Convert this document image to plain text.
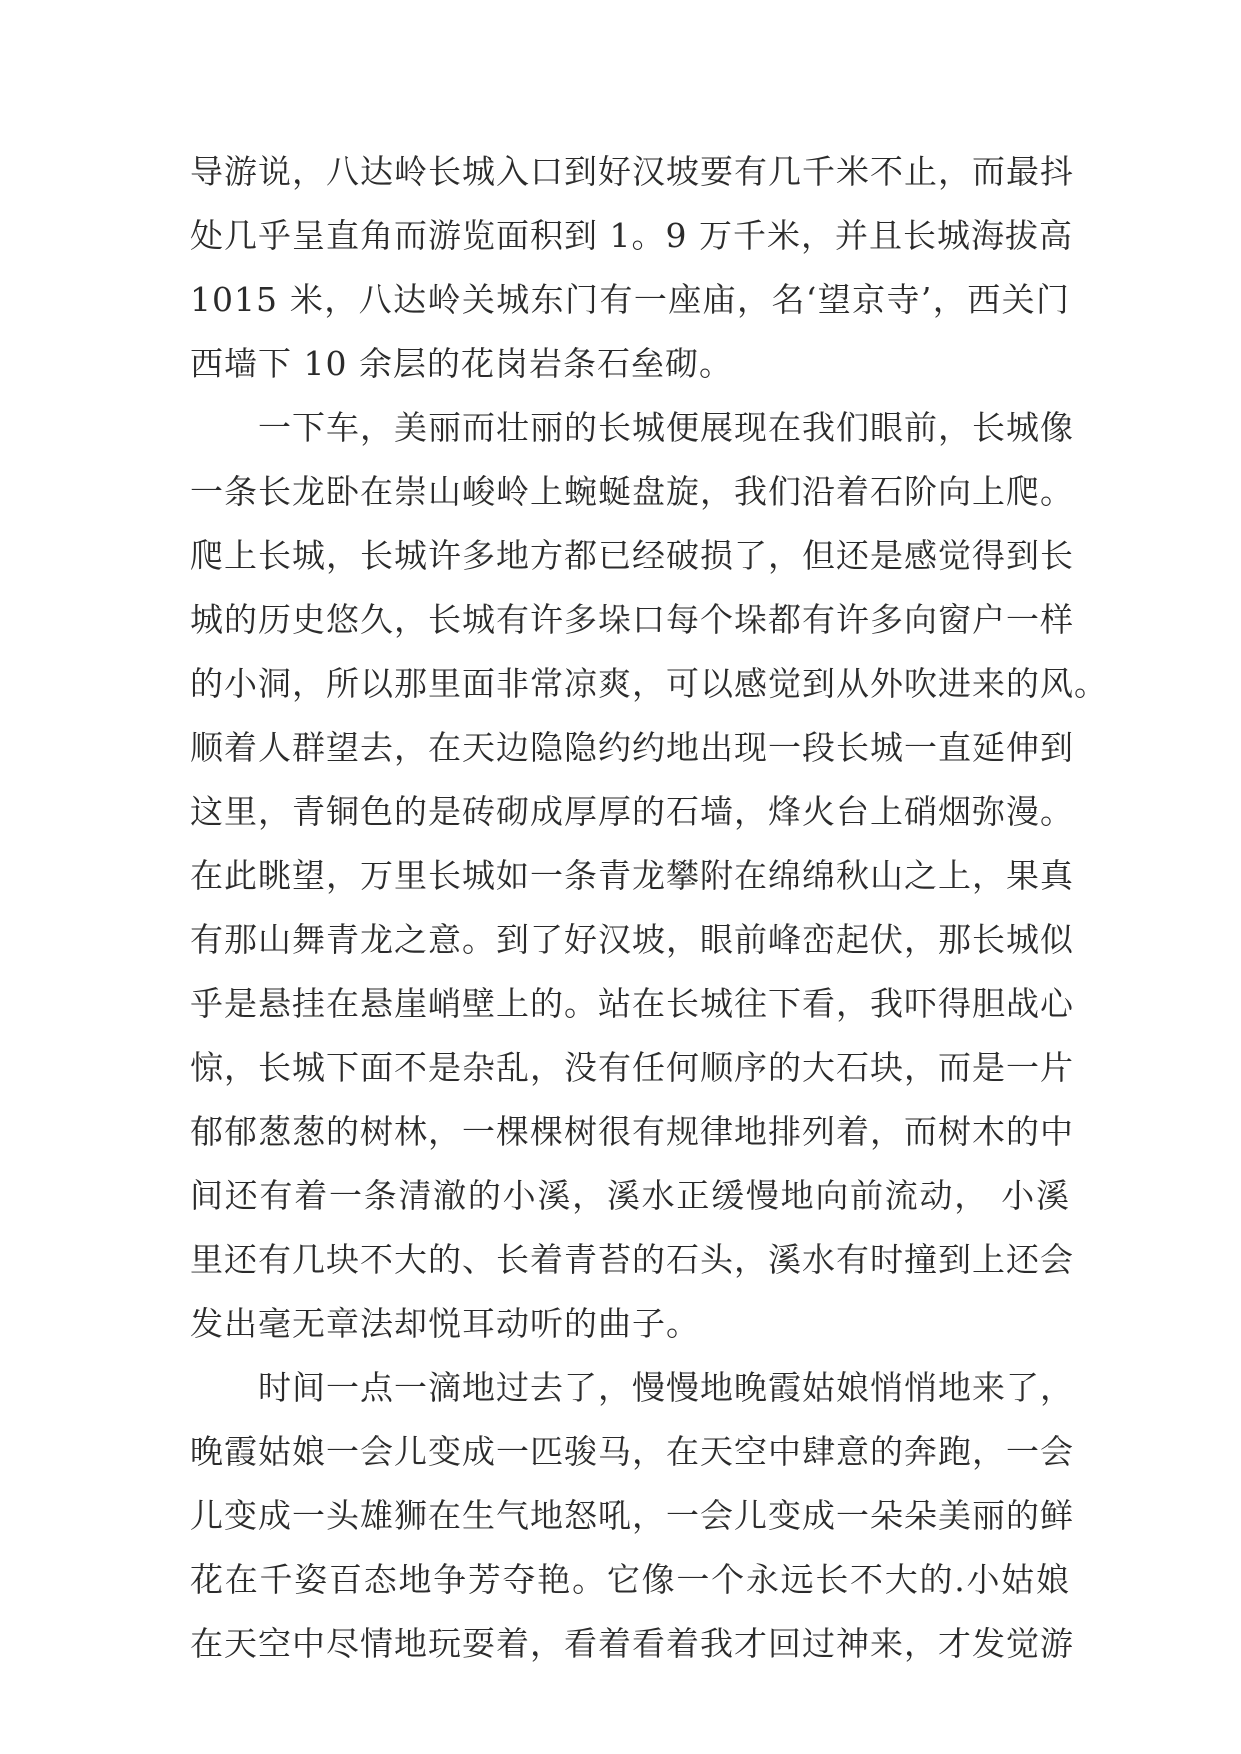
导游说，八达岭长城入口到好汉坡要有几千米不止，而最抖
处几乎呈直角而游览面积到 1。9 万千米，并且长城海拔高
1015 米，八达岭关城东门有一座庙，名‘望京寺’，西关门
西墙下 10 余层的花岗岩条石垒砌。
一下车，美丽而壮丽的长城便展现在我们眼前，长城像
一条长龙卧在崇山峻岭上蜿蜒盘旋，我们沿着石阶向上爬。
爬上长城，长城许多地方都已经破损了，但还是感觉得到长
城的历史悠久，长城有许多垛口每个垛都有许多向窗户一样
的小洞，所以那里面非常凉爽，可以感觉到从外吹进来的风。
顺着人群望去，在天边隐隐约约地出现一段长城一直延伸到
这里，青铜色的是砖砌成厚厚的石墙，烽火台上硝烟弥漫。
在此眺望，万里长城如一条青龙攀附在绵绵秋山之上，果真
有那山舞青龙之意。到了好汉坡，眼前峰峦起伏，那长城似
乎是悬挂在悬崖峭壁上的。站在长城往下看，我吓得胆战心
惊，长城下面不是杂乱，没有任何顺序的大石块，而是一片
郁郁葱葱的树林，一棵棵树很有规律地排列着，而树木的中
间还有着一条清澈的小溪，溪水正缓慢地向前流动， 小溪
里还有几块不大的、长着青苔的石头，溪水有时撞到上还会
发出毫无章法却悦耳动听的曲子。
时间一点一滴地过去了，慢慢地晚霞姑娘悄悄地来了，
晚霞姑娘一会儿变成一匹骏马，在天空中肆意的奔跑，一会
儿变成一头雄狮在生气地怒吼，一会儿变成一朵朵美丽的鲜
花在千姿百态地争芳夺艳。它像一个永远长不大的.小姑娘
在天空中尽情地玩耍着，看着看着我才回过神来，才发觉游
